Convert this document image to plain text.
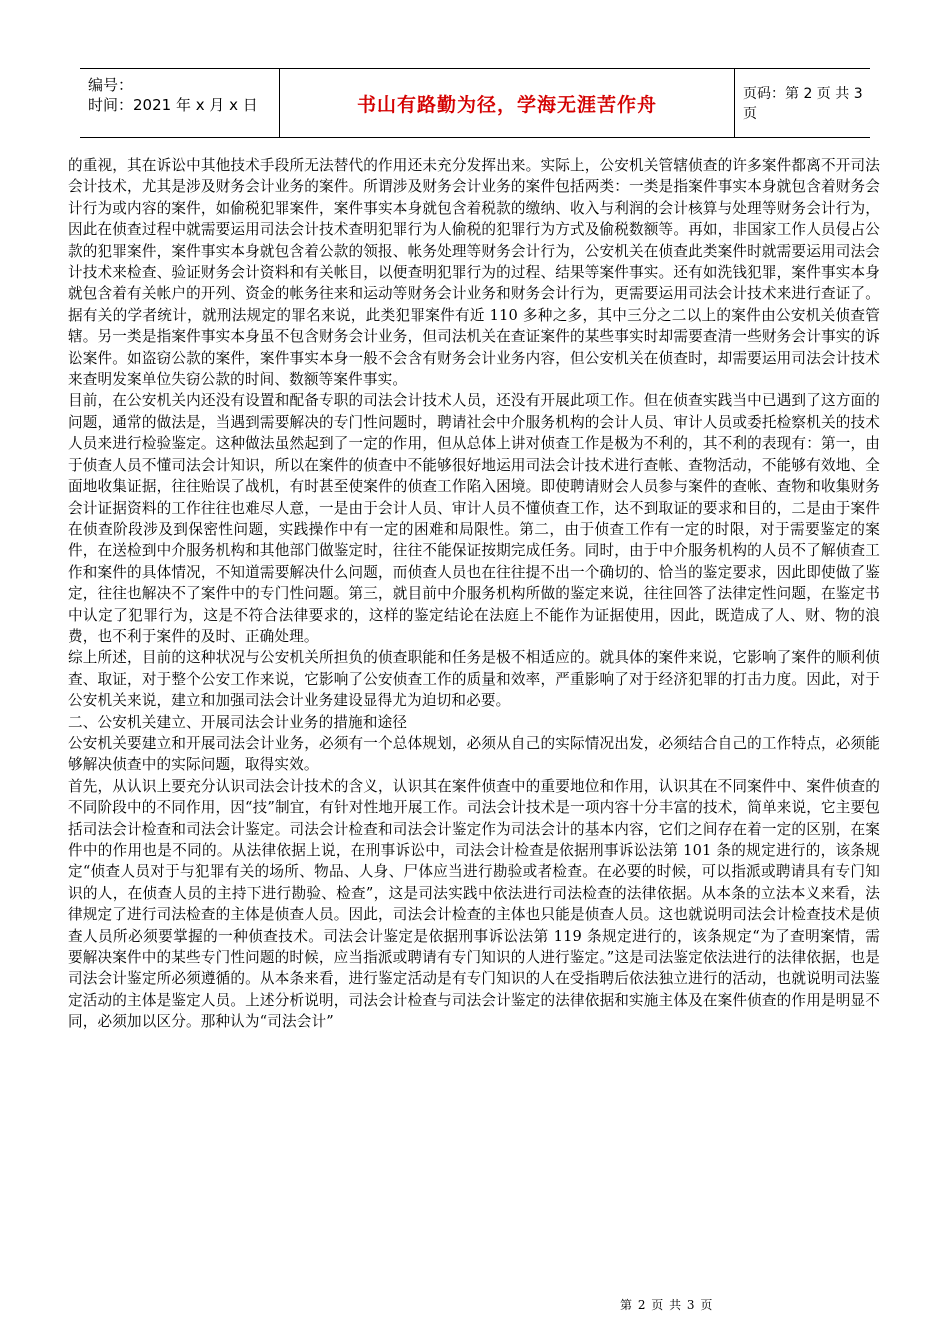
编号：
时间：2021 年 x 月 x 日	书山有路勤为径，学海无涯苦作舟	页码：第 2 页 共 3 页

的重视，其在诉讼中其他技术手段所无法替代的作用还未充分发挥出来。实际上，公安机关管辖侦查的许多案件都离不开司法会计技术，尤其是涉及财务会计业务的案件。所谓涉及财务会计业务的案件包括两类：一类是指案件事实本身就包含着财务会计行为或内容的案件，如偷税犯罪案件，案件事实本身就包含着税款的缴纳、收入与利润的会计核算与处理等财务会计行为，因此在侦查过程中就需要运用司法会计技术查明犯罪行为人偷税的犯罪行为方式及偷税数额等。再如，非国家工作人员侵占公款的犯罪案件，案件事实本身就包含着公款的领报、帐务处理等财务会计行为，公安机关在侦查此类案件时就需要运用司法会计技术来检查、验证财务会计资料和有关帐目，以便查明犯罪行为的过程、结果等案件事实。还有如洗钱犯罪，案件事实本身就包含着有关帐户的开列、资金的帐务往来和运动等财务会计业务和财务会计行为，更需要运用司法会计技术来进行查证了。据有关的学者统计，就刑法规定的罪名来说，此类犯罪案件有近 110 多种之多，其中三分之二以上的案件由公安机关侦查管辖。另一类是指案件事实本身虽不包含财务会计业务，但司法机关在查证案件的某些事实时却需要查清一些财务会计事实的诉讼案件。如盗窃公款的案件，案件事实本身一般不会含有财务会计业务内容，但公安机关在侦查时，却需要运用司法会计技术来查明发案单位失窃公款的时间、数额等案件事实。

目前，在公安机关内还没有设置和配备专职的司法会计技术人员，还没有开展此项工作。但在侦查实践当中已遇到了这方面的问题，通常的做法是，当遇到需要解决的专门性问题时，聘请社会中介服务机构的会计人员、审计人员或委托检察机关的技术人员来进行检验鉴定。这种做法虽然起到了一定的作用，但从总体上讲对侦查工作是极为不利的，其不利的表现有：第一，由于侦查人员不懂司法会计知识，所以在案件的侦查中不能够很好地运用司法会计技术进行查帐、查物活动，不能够有效地、全面地收集证据，往往贻误了战机，有时甚至使案件的侦查工作陷入困境。即使聘请财会人员参与案件的查帐、查物和收集财务会计证据资料的工作往往也难尽人意，一是由于会计人员、审计人员不懂侦查工作，达不到取证的要求和目的，二是由于案件在侦查阶段涉及到保密性问题，实践操作中有一定的困难和局限性。第二，由于侦查工作有一定的时限，对于需要鉴定的案件，在送检到中介服务机构和其他部门做鉴定时，往往不能保证按期完成任务。同时，由于中介服务机构的人员不了解侦查工作和案件的具体情况，不知道需要解决什么问题，而侦查人员也在往往提不出一个确切的、恰当的鉴定要求，因此即使做了鉴定，往往也解决不了案件中的专门性问题。第三，就目前中介服务机构所做的鉴定来说，往往回答了法律定性问题，在鉴定书中认定了犯罪行为，这是不符合法律要求的，这样的鉴定结论在法庭上不能作为证据使用，因此，既造成了人、财、物的浪费，也不利于案件的及时、正确处理。

综上所述，目前的这种状况与公安机关所担负的侦查职能和任务是极不相适应的。就具体的案件来说，它影响了案件的顺利侦查、取证，对于整个公安工作来说，它影响了公安侦查工作的质量和效率，严重影响了对于经济犯罪的打击力度。因此，对于公安机关来说，建立和加强司法会计业务建设显得尤为迫切和必要。

二、公安机关建立、开展司法会计业务的措施和途径

公安机关要建立和开展司法会计业务，必须有一个总体规划，必须从自己的实际情况出发，必须结合自己的工作特点，必须能够解决侦查中的实际问题，取得实效。

首先，从认识上要充分认识司法会计技术的含义，认识其在案件侦查中的重要地位和作用，认识其在不同案件中、案件侦查的不同阶段中的不同作用，因“技”制宜，有针对性地开展工作。司法会计技术是一项内容十分丰富的技术，简单来说，它主要包括司法会计检查和司法会计鉴定。司法会计检查和司法会计鉴定作为司法会计的基本内容，它们之间存在着一定的区别，在案件中的作用也是不同的。从法律依据上说，在刑事诉讼中，司法会计检查是依据刑事诉讼法第 101 条的规定进行的，该条规定“侦查人员对于与犯罪有关的场所、物品、人身、尸体应当进行勘验或者检查。在必要的时候，可以指派或聘请具有专门知识的人，在侦查人员的主持下进行勘验、检查”，这是司法实践中依法进行司法检查的法律依据。从本条的立法本义来看，法律规定了进行司法检查的主体是侦查人员。因此，司法会计检查的主体也只能是侦查人员。这也就说明司法会计检查技术是侦查人员所必须要掌握的一种侦查技术。司法会计鉴定是依据刑事诉讼法第 119 条规定进行的，该条规定“为了查明案情，需要解决案件中的某些专门性问题的时候，应当指派或聘请有专门知识的人进行鉴定。”这是司法鉴定依法进行的法律依据，也是司法会计鉴定所必须遵循的。从本条来看，进行鉴定活动是有专门知识的人在受指聘后依法独立进行的活动，也就说明司法鉴定活动的主体是鉴定人员。上述分析说明，司法会计检查与司法会计鉴定的法律依据和实施主体及在案件侦查的作用是明显不同，必须加以区分。那种认为“司法会计”

第 2 页 共 3 页
